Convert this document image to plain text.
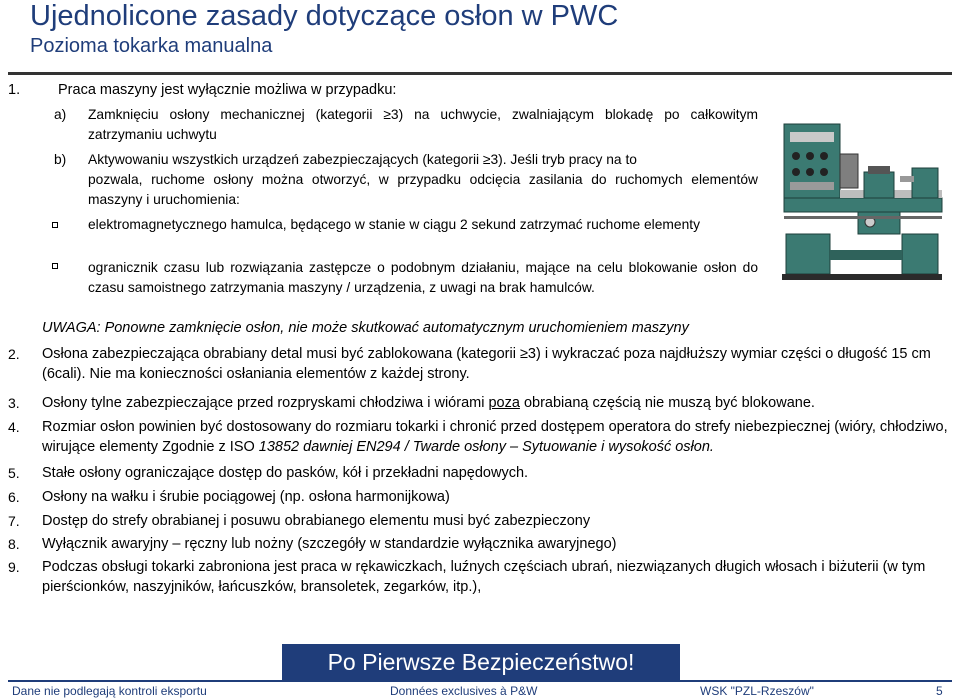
Ujednolicone zasady dotyczące osłon w PWC
Pozioma tokarka manualna
1.	Praca maszyny jest wyłącznie możliwa w przypadku:
a) Zamknięciu osłony mechanicznej (kategorii ≥3) na uchwycie, zwalniającym blokadę po całkowitym zatrzymaniu uchwytu
b) Aktywowaniu wszystkich urządzeń zabezpieczających (kategorii ≥3). Jeśli tryb pracy na to
pozwala, ruchome osłony można otworzyć, w przypadku odcięcia zasilania do ruchomych elementów maszyny i uruchomienia:
elektromagnetycznego hamulca, będącego w stanie w ciągu 2 sekund zatrzymać ruchome elementy
ogranicznik czasu lub rozwiązania zastępcze o podobnym działaniu, mające na celu blokowanie osłon do czasu samoistnego zatrzymania maszyny / urządzenia, z uwagi na brak hamulców.
UWAGA: Ponowne zamknięcie osłon, nie może skutkować automatycznym uruchomieniem maszyny
2. Osłona zabezpieczająca obrabiany detal musi być zablokowana (kategorii ≥3) i wykraczać poza najdłuższy wymiar części o długość 15 cm (6cali). Nie ma konieczności osłaniania elementów z każdej strony.
3. Osłony tylne zabezpieczające przed rozpryskami chłodziwa i wiórami poza obrabianą częścią nie muszą być blokowane.
4. Rozmiar osłon powinien być dostosowany do rozmiaru tokarki i chronić przed dostępem operatora do strefy niebezpiecznej (wióry, chłodziwo, wirujące elementy Zgodnie z ISO 13852 dawniej EN294 / Twarde osłony – Sytuowanie i wysokość osłon.
5. Stałe osłony ograniczające dostęp do pasków, kół i przekładni napędowych.
6. Osłony na wałku i śrubie pociągowej (np. osłona harmonijkowa)
7. Dostęp do strefy obrabianej i posuwu obrabianego elementu musi być zabezpieczony
8. Wyłącznik awaryjny – ręczny lub nożny (szczegóły w standardzie wyłącznika awaryjnego)
9. Podczas obsługi tokarki zabroniona jest praca w rękawiczkach, luźnych częściach ubrań, niezwiązanych długich włosach i biżuterii (w tym pierścionków, naszyjników, łańcuszków, bransoletek, zegarków, itp.),
Po Pierwsze Bezpieczeństwo!
Dane nie podlegają kontroli eksportu	Données exclusives à P&W	WSK "PZL-Rzeszów"	5
